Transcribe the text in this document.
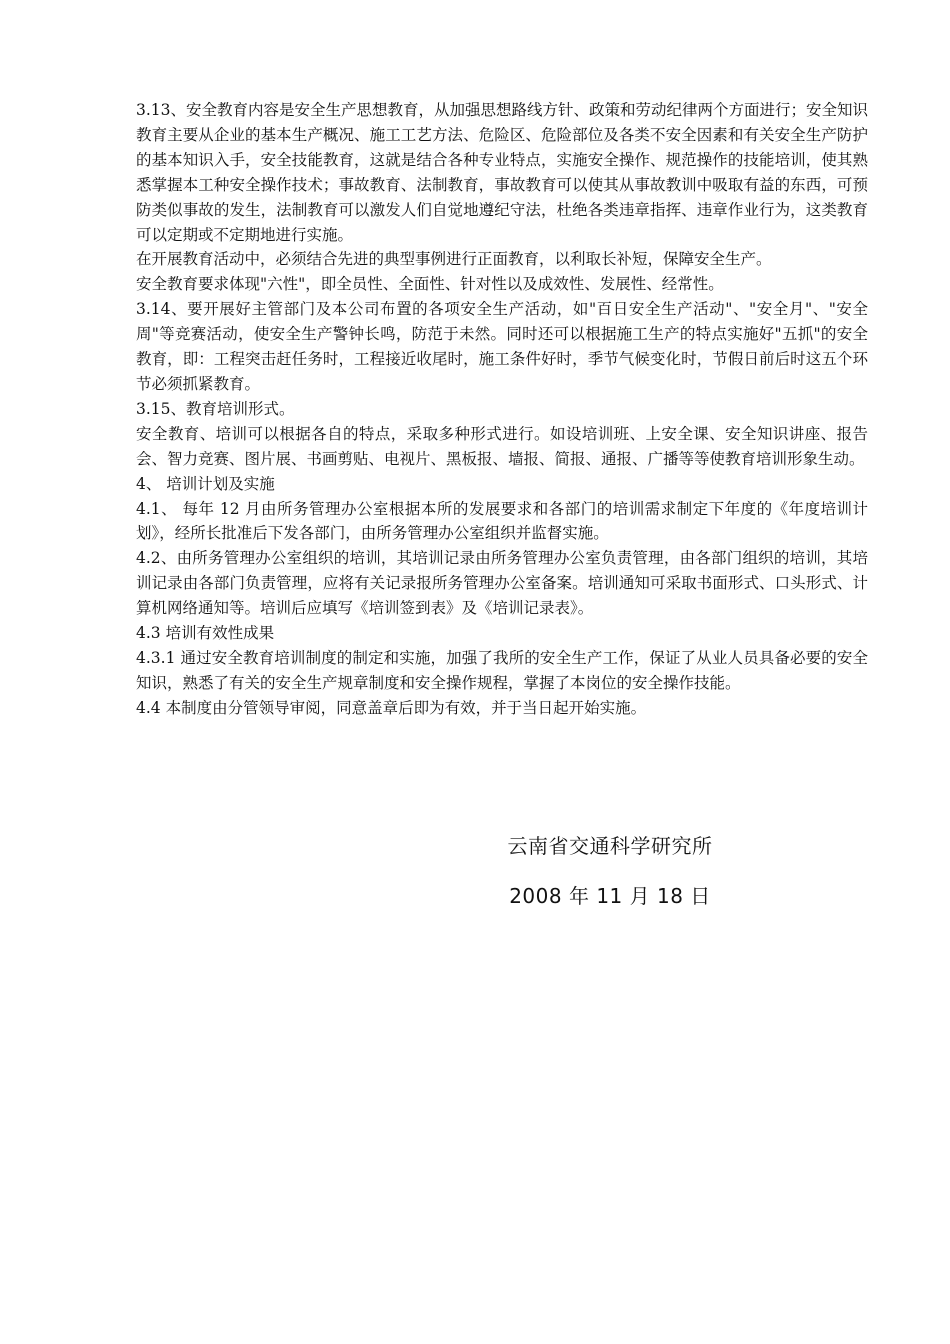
3.13、安全教育内容是安全生产思想教育，从加强思想路线方针、政策和劳动纪律两个方面进行；安全知识教育主要从企业的基本生产概况、施工工艺方法、危险区、危险部位及各类不安全因素和有关安全生产防护的基本知识入手，安全技能教育，这就是结合各种专业特点，实施安全操作、规范操作的技能培训，使其熟悉掌握本工种安全操作技术；事故教育、法制教育，事故教育可以使其从事故教训中吸取有益的东西，可预防类似事故的发生，法制教育可以激发人们自觉地遵纪守法，杜绝各类违章指挥、违章作业行为，这类教育可以定期或不定期地进行实施。

在开展教育活动中，必须结合先进的典型事例进行正面教育，以利取长补短，保障安全生产。

安全教育要求体现"六性"，即全员性、全面性、针对性以及成效性、发展性、经常性。

3.14、要开展好主管部门及本公司布置的各项安全生产活动，如"百日安全生产活动"、"安全月"、"安全周"等竞赛活动，使安全生产警钟长鸣，防范于未然。同时还可以根据施工生产的特点实施好"五抓"的安全教育，即：工程突击赶任务时，工程接近收尾时，施工条件好时，季节气候变化时，节假日前后时这五个环节必须抓紧教育。

3.15、教育培训形式。

安全教育、培训可以根据各自的特点，采取多种形式进行。如设培训班、上安全课、安全知识讲座、报告会、智力竞赛、图片展、书画剪贴、电视片、黑板报、墙报、简报、通报、广播等等使教育培训形象生动。

4、 培训计划及实施

4.1、 每年 12 月由所务管理办公室根据本所的发展要求和各部门的培训需求制定下年度的《年度培训计划》，经所长批准后下发各部门，由所务管理办公室组织并监督实施。

4.2、由所务管理办公室组织的培训，其培训记录由所务管理办公室负责管理，由各部门组织的培训，其培训记录由各部门负责管理，应将有关记录报所务管理办公室备案。培训通知可采取书面形式、口头形式、计算机网络通知等。培训后应填写《培训签到表》及《培训记录表》。

4.3 培训有效性成果

4.3.1 通过安全教育培训制度的制定和实施，加强了我所的安全生产工作，保证了从业人员具备必要的安全知识，熟悉了有关的安全生产规章制度和安全操作规程，掌握了本岗位的安全操作技能。

4.4 本制度由分管领导审阅，同意盖章后即为有效，并于当日起开始实施。

云南省交通科学研究所
2008 年 11 月 18 日
